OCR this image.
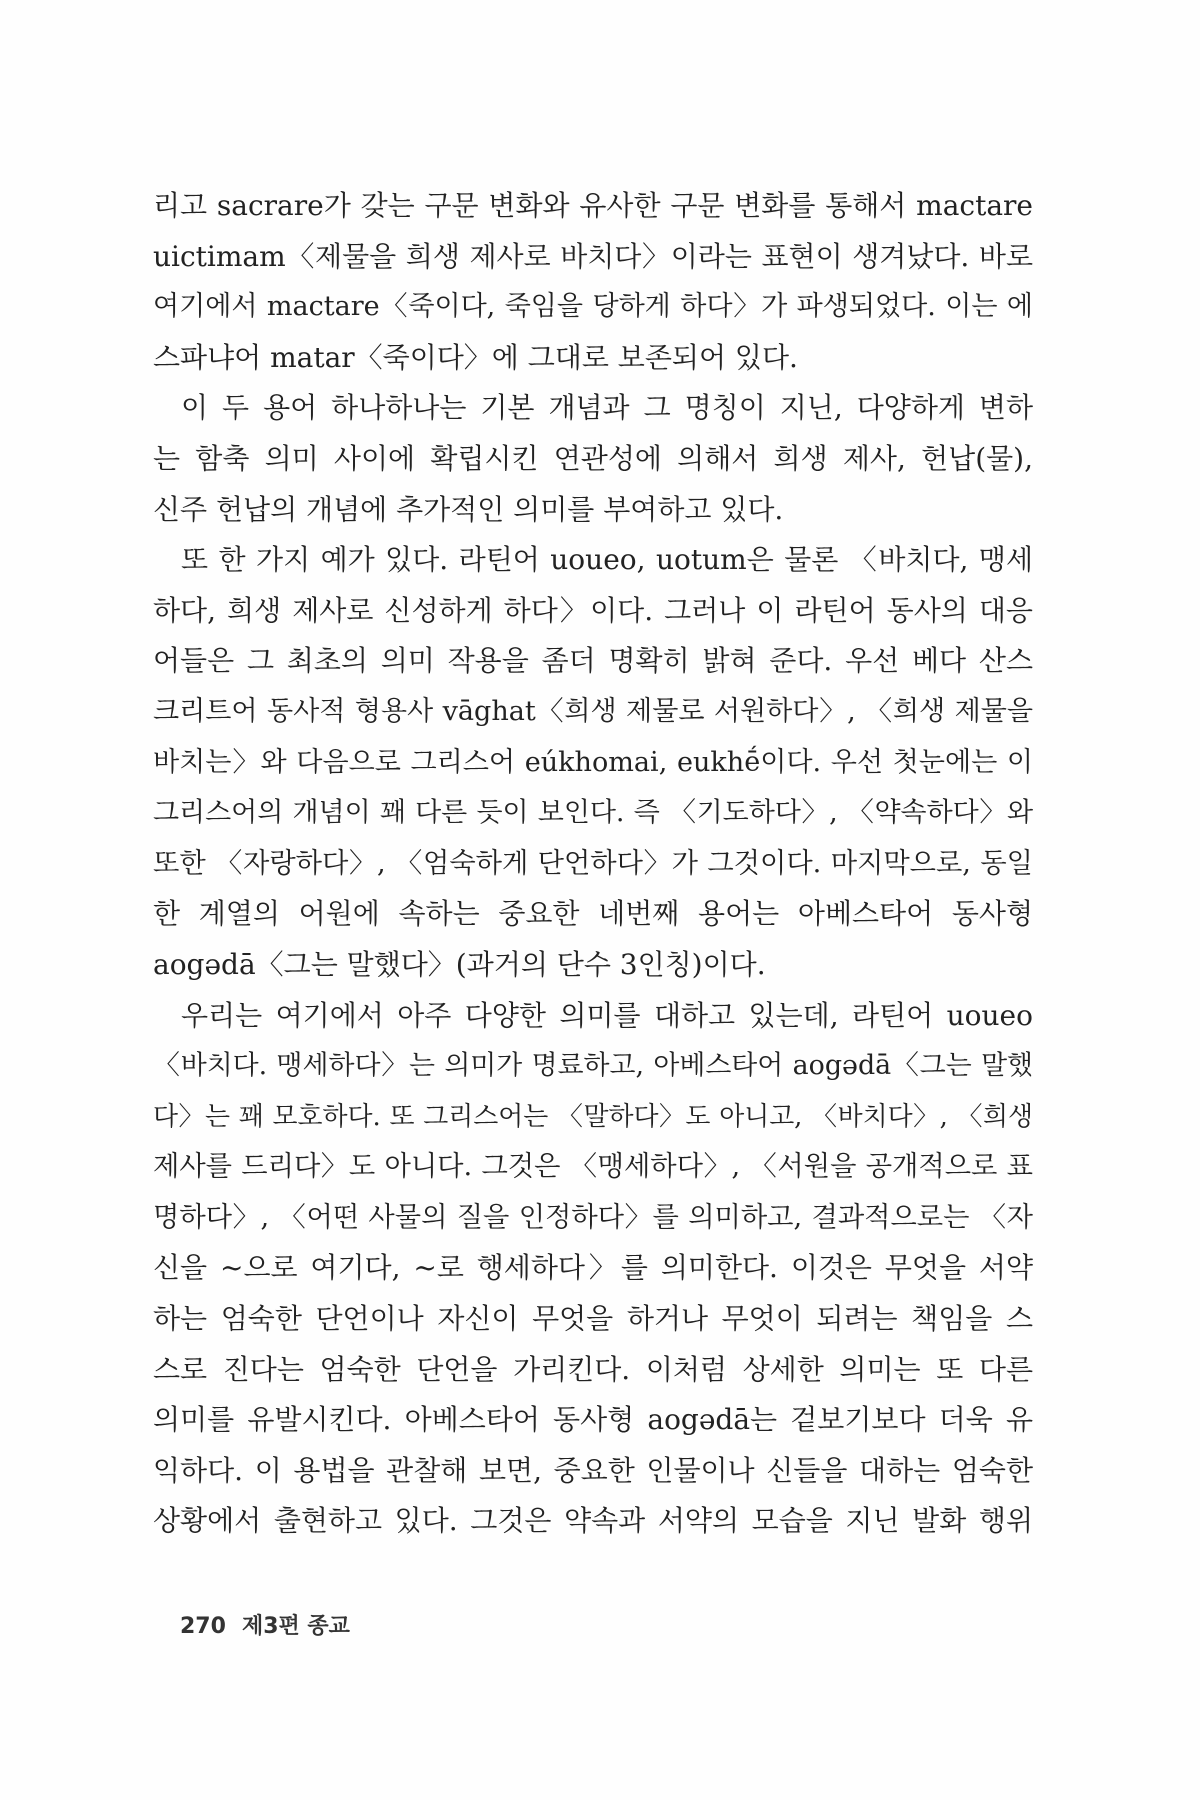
리고 sacrare가 갖는 구문 변화와 유사한 구문 변화를 통해서 mactare
uictimam〈제물을 희생 제사로 바치다〉이라는 표현이 생겨났다. 바로
여기에서 mactare〈죽이다, 죽임을 당하게 하다〉가 파생되었다. 이는 에
스파냐어 matar〈죽이다〉에 그대로 보존되어 있다.
이 두 용어 하나하나는 기본 개념과 그 명칭이 지닌, 다양하게 변하
는 함축 의미 사이에 확립시킨 연관성에 의해서 희생 제사, 헌납(물),
신주 헌납의 개념에 추가적인 의미를 부여하고 있다.
또 한 가지 예가 있다. 라틴어 uoueo, uotum은 물론 〈바치다, 맹세
하다, 희생 제사로 신성하게 하다〉이다. 그러나 이 라틴어 동사의 대응
어들은 그 최초의 의미 작용을 좀더 명확히 밝혀 준다. 우선 베다 산스
크리트어 동사적 형용사 vāghat〈희생 제물로 서원하다〉, 〈희생 제물을
바치는〉와 다음으로 그리스어 eúkhomai, eukhḗ이다. 우선 첫눈에는 이
그리스어의 개념이 꽤 다른 듯이 보인다. 즉 〈기도하다〉, 〈약속하다〉와
또한 〈자랑하다〉, 〈엄숙하게 단언하다〉가 그것이다. 마지막으로, 동일
한 계열의 어원에 속하는 중요한 네번째 용어는 아베스타어 동사형
aogədā〈그는 말했다〉(과거의 단수 3인칭)이다.
우리는 여기에서 아주 다양한 의미를 대하고 있는데, 라틴어 uoueo
〈바치다. 맹세하다〉는 의미가 명료하고, 아베스타어 aogədā〈그는 말했
다〉는 꽤 모호하다. 또 그리스어는 〈말하다〉도 아니고, 〈바치다〉, 〈희생
제사를 드리다〉도 아니다. 그것은 〈맹세하다〉, 〈서원을 공개적으로 표
명하다〉, 〈어떤 사물의 질을 인정하다〉를 의미하고, 결과적으로는 〈자
신을 ~으로 여기다, ~로 행세하다〉를 의미한다. 이것은 무엇을 서약
하는 엄숙한 단언이나 자신이 무엇을 하거나 무엇이 되려는 책임을 스
스로 진다는 엄숙한 단언을 가리킨다. 이처럼 상세한 의미는 또 다른
의미를 유발시킨다. 아베스타어 동사형 aogədā는 겉보기보다 더욱 유
익하다. 이 용법을 관찰해 보면, 중요한 인물이나 신들을 대하는 엄숙한
상황에서 출현하고 있다. 그것은 약속과 서약의 모습을 지닌 발화 행위
270 제3편 종교
